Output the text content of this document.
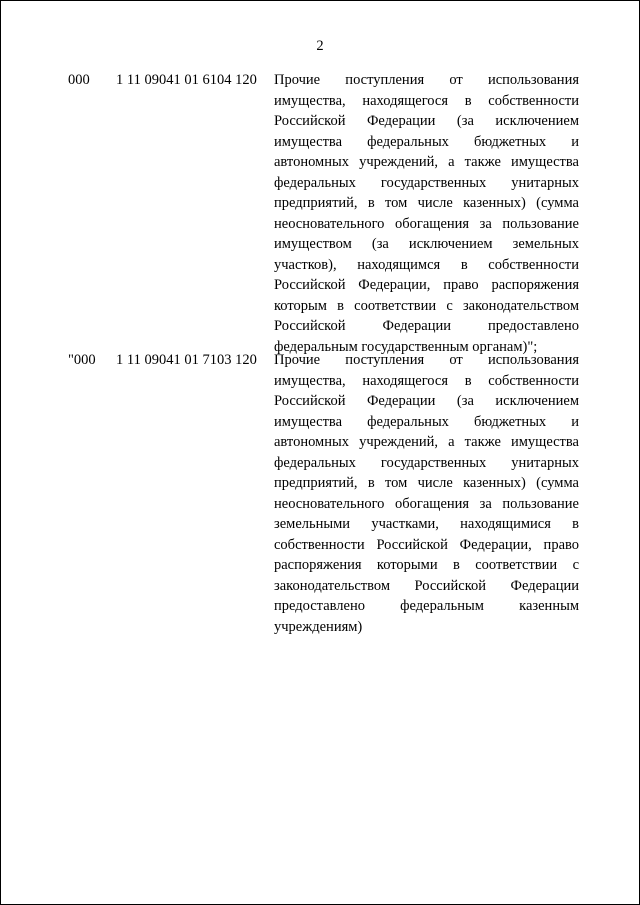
2
000 1 11 09041 01 6104 120 Прочие поступления от использования имущества, находящегося в собственности Российской Федерации (за исключением имущества федеральных бюджетных и автономных учреждений, а также имущества федеральных государственных унитарных предприятий, в том числе казенных) (сумма неосновательного обогащения за пользование имуществом (за исключением земельных участков), находящимся в собственности Российской Федерации, право распоряжения которым в соответствии с законодательством Российской Федерации предоставлено федеральным государственным органам)";
"000 1 11 09041 01 7103 120 Прочие поступления от использования имущества, находящегося в собственности Российской Федерации (за исключением имущества федеральных бюджетных и автономных учреждений, а также имущества федеральных государственных унитарных предприятий, в том числе казенных) (сумма неосновательного обогащения за пользование земельными участками, находящимися в собственности Российской Федерации, право распоряжения которыми в соответствии с законодательством Российской Федерации предоставлено федеральным казенным учреждениям)
